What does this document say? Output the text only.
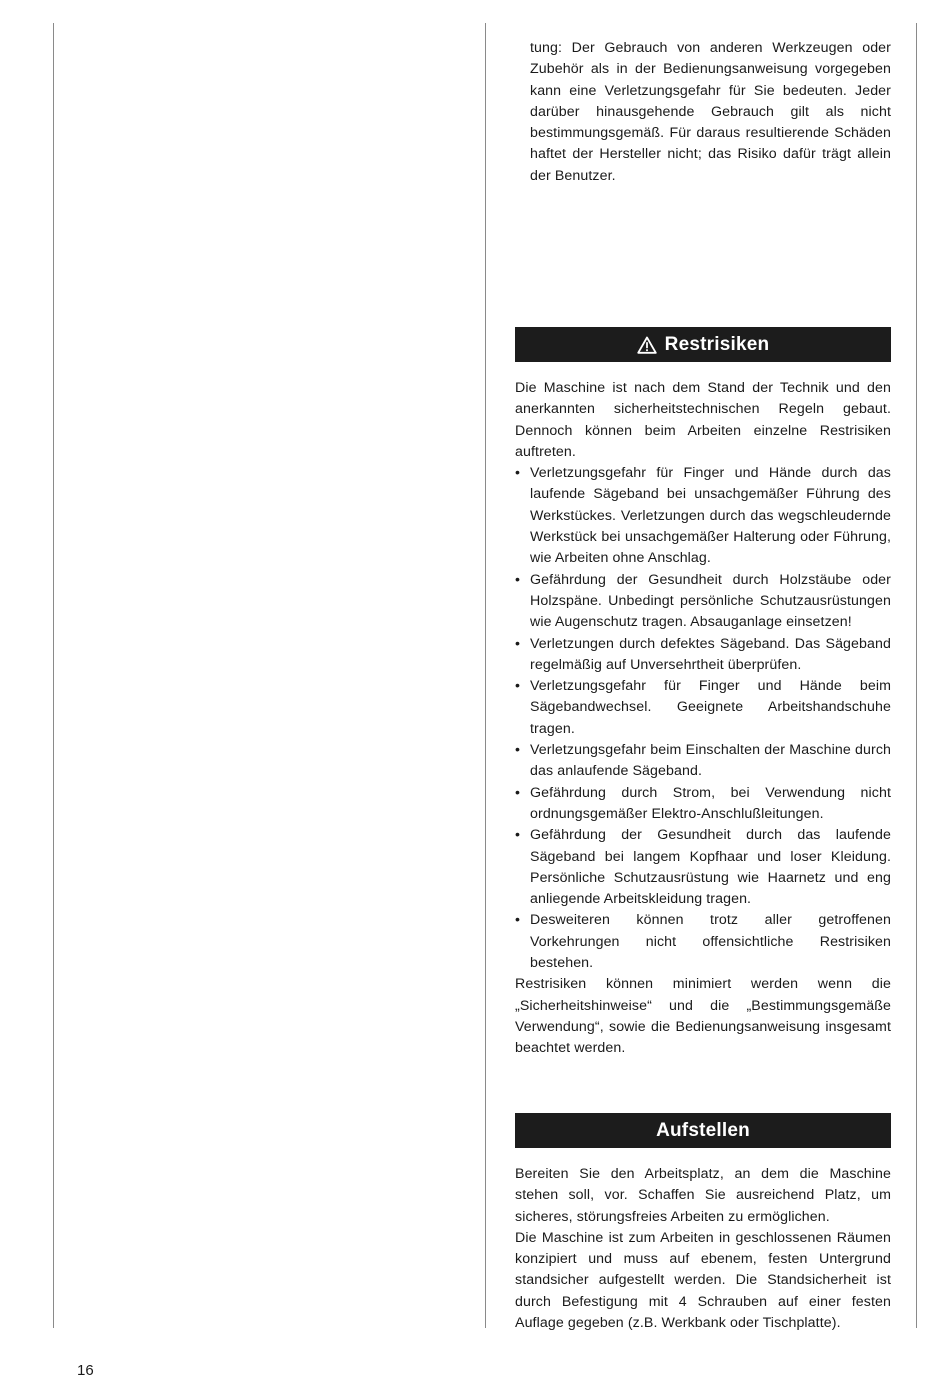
tung: Der Gebrauch von anderen Werkzeugen oder Zubehör als in der Bedienungsanweisung vorgegeben kann eine Verletzungsgefahr für Sie bedeuten. Jeder darüber hinausgehende Gebrauch gilt als nicht bestimmungsgemäß. Für daraus resultierende Schäden haftet der Hersteller nicht; das Risiko dafür trägt allein der Benutzer.

Restrisiken

Die Maschine ist nach dem Stand der Technik und den anerkannten sicherheitstechnischen Regeln gebaut. Dennoch können beim Arbeiten einzelne Restrisiken auftreten.

• Verletzungsgefahr für Finger und Hände durch das laufende Sägeband bei unsachgemäßer Führung des Werkstückes. Verletzungen durch das wegschleudernde Werkstück bei unsachgemäßer Halterung oder Führung, wie Arbeiten ohne Anschlag.
• Gefährdung der Gesundheit durch Holzstäube oder Holzspäne. Unbedingt persönliche Schutzausrüstungen wie Augenschutz tragen. Absauganlage einsetzen!
• Verletzungen durch defektes Sägeband. Das Sägeband regelmäßig auf Unversehrtheit überprüfen.
• Verletzungsgefahr für Finger und Hände beim Sägebandwechsel. Geeignete Arbeitshandschuhe tragen.
• Verletzungsgefahr beim Einschalten der Maschine durch das anlaufende Sägeband.
• Gefährdung durch Strom, bei Verwendung nicht ordnungsgemäßer Elektro-Anschlußleitungen.
• Gefährdung der Gesundheit durch das laufende Sägeband bei langem Kopfhaar und loser Kleidung. Persönliche Schutzausrüstung wie Haarnetz und eng anliegende Arbeitskleidung tragen.
• Desweiteren können trotz aller getroffenen Vorkehrungen nicht offensichtliche Restrisiken bestehen.

Restrisiken können minimiert werden wenn die „Sicherheitshinweise“ und die „Bestimmungsgemäße Verwendung“, sowie die Bedienungsanweisung insgesamt beachtet werden.

Aufstellen

Bereiten Sie den Arbeitsplatz, an dem die Maschine stehen soll, vor. Schaffen Sie ausreichend Platz, um sicheres, störungsfreies Arbeiten zu ermöglichen.

Die Maschine ist zum Arbeiten in geschlossenen Räumen konzipiert und muss auf ebenem, festen Untergrund standsicher aufgestellt werden. Die Standsicherheit ist durch Befestigung mit 4 Schrauben auf einer festen Auflage gegeben (z.B. Werkbank oder Tischplatte).

16
